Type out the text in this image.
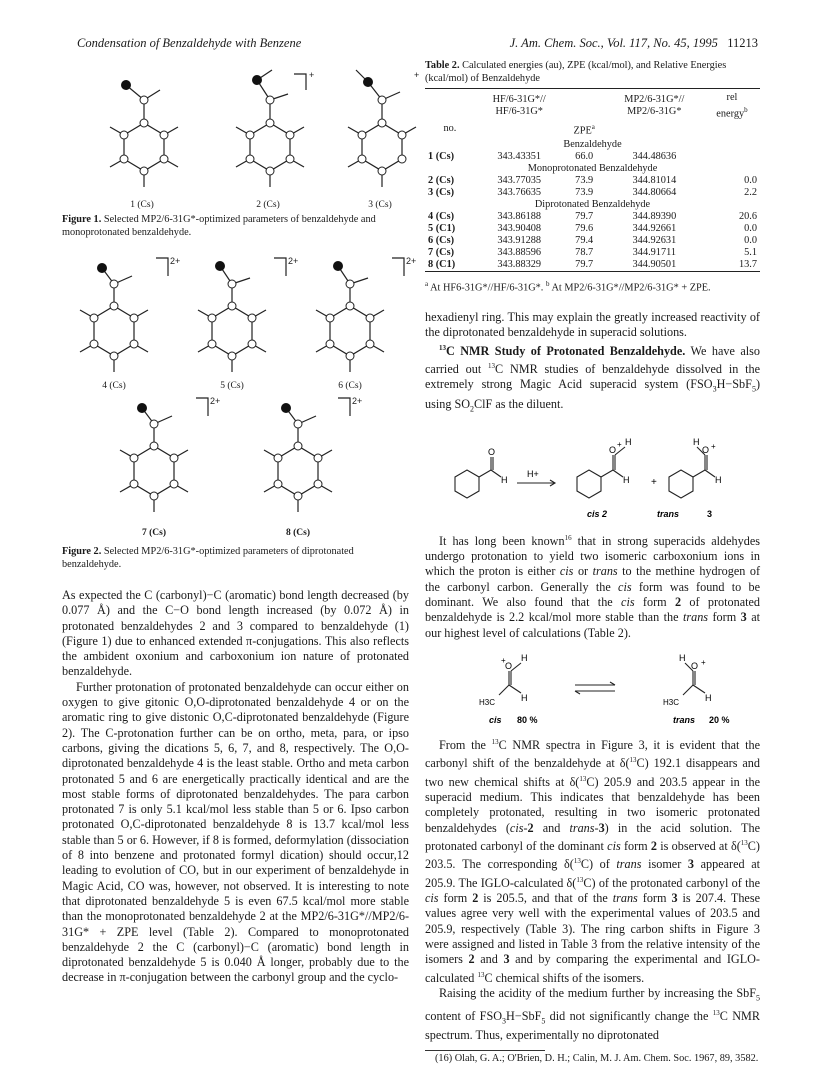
Condensation of Benzaldehyde with Benzene	J. Am. Chem. Soc., Vol. 117, No. 45, 1995 11213
+	+
1 (Cs)	2 (Cs)	3 (Cs)

Figure 1. Selected MP2/6-31G*-optimized parameters of benzaldehyde and monoprotonated benzaldehyde.

2+	2+	2+
2+	2+
4 (Cs)	5 (Cs)	6 (Cs)
7 (Cs)	8 (Cs)

Figure 2. Selected MP2/6-31G*-optimized parameters of diprotonated benzaldehyde.

As expected the C (carbonyl)−C (aromatic) bond length decreased (by 0.077 Å) and the C−O bond length increased (by 0.072 Å) in protonated benzaldehydes 2 and 3 compared to benzaldehyde (1) (Figure 1) due to enhanced extended π-conjugations. This also reflects the ambident oxonium and carboxonium ion nature of protonated benzaldehyde.

Further protonation of protonated benzaldehyde can occur either on oxygen to give gitonic O,O-diprotonated benzaldehyde 4 or on the aromatic ring to give distonic O,C-diprotonated benzaldehyde (Figure 2). The C-protonation further can be on ortho, meta, para, or ipso carbons, giving the dications 5, 6, 7, and 8, respectively. The O,O-diprotonated benzaldehyde 4 is the least stable. Ortho and meta carbon protonated 5 and 6 are energetically practically identical and are the most stable forms of diprotonated benzaldehydes. The para carbon protonated 7 is only 5.1 kcal/mol less stable than 5 or 6. Ipso carbon protonated O,C-diprotonated benzaldehyde 8 is 13.7 kcal/mol less stable than 5 or 6. However, if 8 is formed, deformylation (dissociation of 8 into benzene and protonated formyl dication) should occur,12 leading to evolution of CO, but in our experiment of benzaldehyde in Magic Acid, CO was, however, not observed. It is interesting to note that diprotonated benzaldehyde 5 is even 67.5 kcal/mol more stable than the monoprotonated benzaldehyde 2 at the MP2/6-31G*//MP2/6-31G* + ZPE level (Table 2). Compared to monoprotonated benzaldehyde 2 the C (carbonyl)−C (aromatic) bond length in diprotonated benzaldehyde 5 is 0.040 Å longer, probably due to the decrease in π-conjugation between the carbonyl group and the cyclo-

Table 2. Calculated energies (au), ZPE (kcal/mol), and Relative Energies (kcal/mol) of Benzaldehyde

	HF/6-31G*//
HF/6-31G*		MP2/6-31G*//
MP2/6-31G*	rel
energy$^b$
no.		ZPE$^a$		
Benzaldehyde				
1 (Cs)	343.43351	66.0	344.48636	
Monoprotonated Benzaldehyde				
2 (Cs)	343.77035	73.9	344.81014	0.0
3 (Cs)	343.76635	73.9	344.80664	2.2
Diprotonated Benzaldehyde				
4 (Cs)	343.86188	79.7	344.89390	20.6
5 (C1)	343.90408	79.6	344.92661	0.0
6 (Cs)	343.91288	79.4	344.92631	0.0
7 (Cs)	343.88596	78.7	344.91711	5.1
8 (C1)	343.88329	79.7	344.90501	13.7

$^a$ At HF6-31G*//HF/6-31G*. $^b$ At MP2/6-31G*//MP2/6-31G* + ZPE.

hexadienyl ring. This may explain the greatly increased reactivity of the diprotonated benzaldehyde in superacid solutions.

$^{13}$C NMR Study of Protonated Benzaldehyde. We have also carried out $^{13}$C NMR studies of benzaldehyde dissolved in the extremely strong Magic Acid superacid system $(FSO_3H-SbF_5)$ using $SO_2ClF$ as the diluent.

O
H
H+
O
+ H
H +
H
O +
H
cis 2	trans	3

It has long been known$^{16}$ that in strong superacids aldehydes undergo protonation to yield two isomeric carboxonium ions in which the proton is either cis or trans to the methine hydrogen of the carbonyl carbon. Generally the cis form was found to be dominant. We also found that the cis form 2 of protonated benzaldehyde is 2.2 kcal/mol more stable than the trans form 3 at our highest level of calculations (Table 2).

O
+ H
H3C	H
H
O +
H3C	H
cis 80 %	trans 20 %

From the $^{13}$C NMR spectra in Figure 3, it is evident that the carbonyl shift of the benzaldehyde at δ($^{13}$C) 192.1 disappears and two new chemical shifts at δ($^{13}$C) 205.9 and 203.5 appear in the superacid medium. This indicates that benzaldehyde has been completely protonated, resulting in two isomeric protonated benzaldehydes (cis-2 and trans-3) in the acid solution. The protonated carbonyl of the dominant cis form 2 is observed at δ($^{13}$C) 203.5. The corresponding δ($^{13}$C) of trans isomer 3 appeared at 205.9. The IGLO-calculated δ($^{13}$C) of the protonated carbonyl of the cis form 2 is 205.5, and that of the trans form 3 is 207.4. These values agree very well with the experimental values of 203.5 and 205.9, respectively (Table 3). The ring carbon shifts in Figure 3 were assigned and listed in Table 3 from the relative intensity of the isomers 2 and 3 and by comparing the experimental and IGLO-calculated $^{13}$C chemical shifts of the isomers.

Raising the acidity of the medium further by increasing the SbF$_5$ content of $FSO_3H-SbF_5$ did not significantly change the $^{13}$C NMR spectrum. Thus, experimentally no diprotonated

(16) Olah, G. A.; O'Brien, D. H.; Calin, M. J. Am. Chem. Soc. 1967, 89, 3582.
